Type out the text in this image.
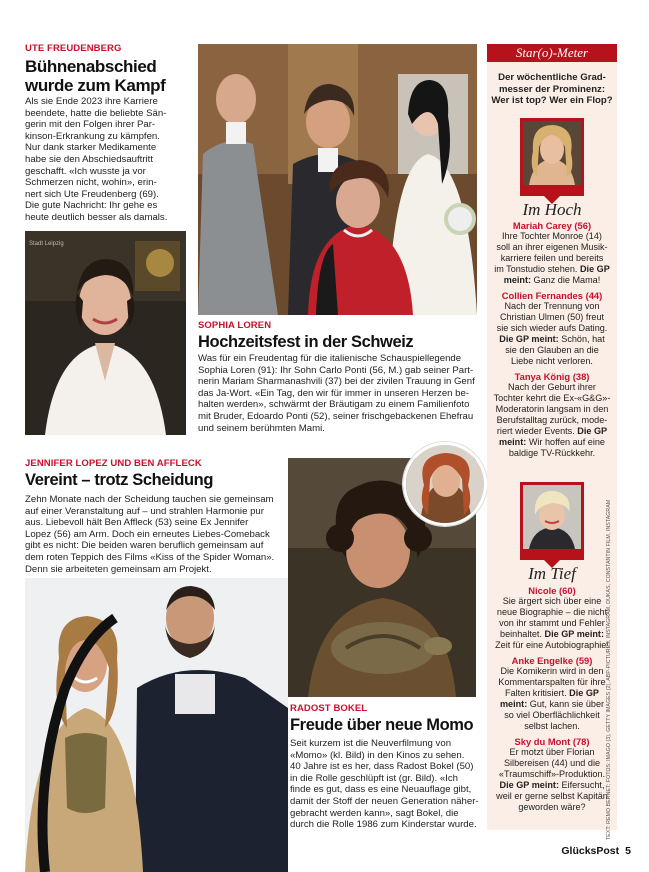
UTE FREUDENBERG
Bühnenabschied
wurde zum Kampf
Als sie Ende 2023 ihre Karriere
beendete, hatte die beliebte Sän-
gerin mit den Folgen ihrer Par-
kinson-Erkrankung zu kämpfen.
Nur dank starker Medikamente
habe sie den Abschiedsauftritt
geschafft. «Ich wusste ja vor
Schmerzen nicht, wohin», erin-
nert sich Ute Freudenberg (69).
Die gute Nachricht: Ihr gehe es
heute deutlich besser als damals.
Stadt Leipzig
SOPHIA LOREN
Hochzeitsfest in der Schweiz
Was für ein Freudentag für die italienische Schauspiellegende
Sophia Loren (91): Ihr Sohn Carlo Ponti (56, M.) gab seiner Part-
nerin Mariam Sharmanashvili (37) bei der zivilen Trauung in Genf
das Ja-Wort. «Ein Tag, den wir für immer in unseren Herzen be-
halten werden», schwärmt der Bräutigam zu einem Familienfoto
mit Bruder, Edoardo Ponti (52), seiner frischgebackenen Ehefrau
und seinem berühmten Mami.
JENNIFER LOPEZ UND BEN AFFLECK
Vereint – trotz Scheidung
Zehn Monate nach der Scheidung tauchen sie gemeinsam
auf einer Veranstaltung auf – und strahlen Harmonie pur
aus. Liebevoll hält Ben Affleck (53) seine Ex Jennifer
Lopez (56) am Arm. Doch ein erneutes Liebes-Comeback
gibt es nicht: Die beiden waren beruflich gemeinsam auf
dem roten Teppich des Films «Kiss of the Spider Woman».
Denn sie arbeiteten gemeinsam am Projekt.
RADOST BOKEL
Freude über neue Momo
Seit kurzem ist die Neuverfilmung von
«Momo» (kl. Bild) in den Kinos zu sehen.
40 Jahre ist es her, dass Radost Bokel (50)
in die Rolle geschlüpft ist (gr. Bild). «Ich
finde es gut, dass es eine Neuauflage gibt,
damit der Stoff der neuen Generation näher-
gebracht werden kann», sagt Bokel, die
durch die Rolle 1986 zum Kinderstar wurde.
Star(o)-Meter
Der wöchentliche Grad-
messer der Prominenz:
Wer ist top? Wer ein Flop?
Im Hoch
Mariah Carey (56)
Ihre Tochter Monroe (14)
soll an ihrer eigenen Musik-
karriere feilen und bereits
im Tonstudio stehen. Die GP
meint: Ganz die Mama!
Collien Fernandes (44)
Nach der Trennung von
Christian Ulmen (50) freut
sie sich wieder aufs Dating.
Die GP meint: Schön, hat
sie den Glauben an die
Liebe nicht verloren.
Tanya König (38)
Nach der Geburt ihrer
Tochter kehrt die Ex-«G&G»-
Moderatorin langsam in den
Berufstalltag zurück, mode-
riert wieder Events. Die GP
meint: Wir hoffen auf eine
baldige TV-Rückkehr.
Im Tief
Nicole (60)
Sie ärgert sich über eine
neue Biographie – die nicht
von ihr stammt und Fehler
beinhaltet. Die GP meint:
Zeit für eine Autobiographie!
Anke Engelke (59)
Die Komikerin wird in den
Kommentarspalten für ihre
Falten kritisiert. Die GP
meint: Gut, kann sie über
so viel Oberflächlichkeit
selbst lachen.
Sky du Mont (78)
Er motzt über Florian
Silbereisen (44) und die
«Traumschiff»-Produktion.
Die GP meint: Eifersucht,
weil er gerne selbst Kapitän
geworden wäre?	TEXT: REMO BERNET; FOTOS: IMAGO (3), GETTY IMAGES (2), ABP-PICTURES, INSTAGRAM, DUKAS, CONSTANTIN FILM, INSTAGRAM
GlücksPost 5
